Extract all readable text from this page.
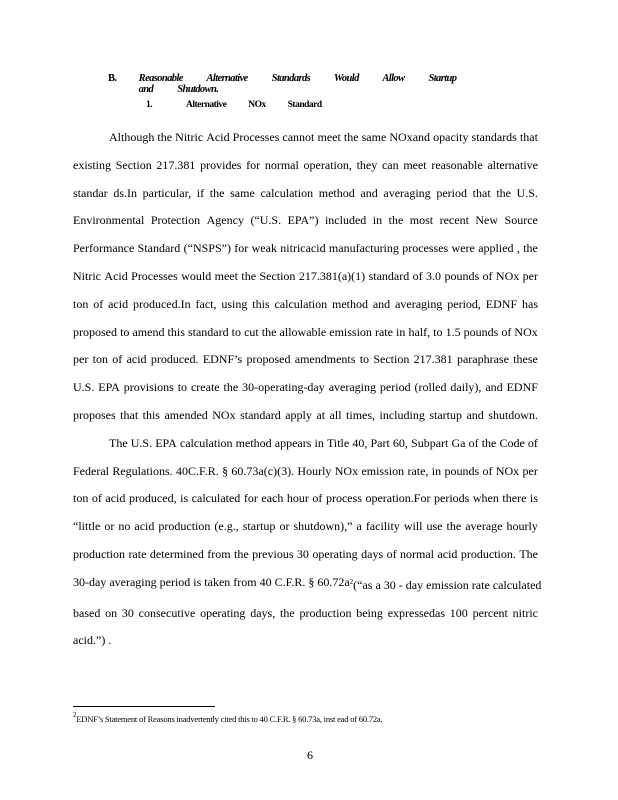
B.	Reasonable Alternative Standards Would Allow Startup and Shutdown.
1.	Alternative NOx Standard
Although the Nitric Acid Processes cannot meet the same NOxand opacity standards that
existing Section 217.381 provides for normal operation, they can meet reasonable alternative
standar ds.In particular, if the same calculation method and averaging period that the U.S.
Environmental Protection Agency (“U.S. EPA”) included in the most recent New Source
Performance Standard (“NSPS”) for weak nitricacid manufacturing processes were applied , the
Nitric Acid Processes would meet the Section 217.381(a)(1) standard of 3.0 pounds of NOx per
ton of acid produced.In fact, using this calculation method and averaging period, EDNF has
proposed to amend this standard to cut the allowable emission rate in half, to 1.5 pounds of NOx
per ton of acid produced. EDNF’s proposed amendments to Section 217.381 paraphrase these
U.S. EPA provisions to create the 30-operating-day averaging period (rolled daily), and EDNF
proposes that this amended NOx standard apply at all times, including startup and shutdown.
The U.S. EPA calculation method appears in Title 40, Part 60, Subpart Ga of the Code of
Federal Regulations. 40C.F.R. § 60.73a(c)(3). Hourly NOx emission rate, in pounds of NOx per
ton of acid produced, is calculated for each hour of process operation.For periods when there is
“little or no acid production (e.g., startup or shutdown),” a facility will use the average hourly
production rate determined from the previous 30 operating days of normal acid production. The
30-day averaging period is taken from 40 C.F.R. § 60.72a $^2$(“as a 30 - day emission rate calculated
based on 30 consecutive operating days, the production being expressedas 100 percent nitric
acid.”) .
$^2$EDNF’s Statement of Reasons inadvertently cited this to 40 C.F.R. § 60.73a, inst ead of 60.72a.
6
